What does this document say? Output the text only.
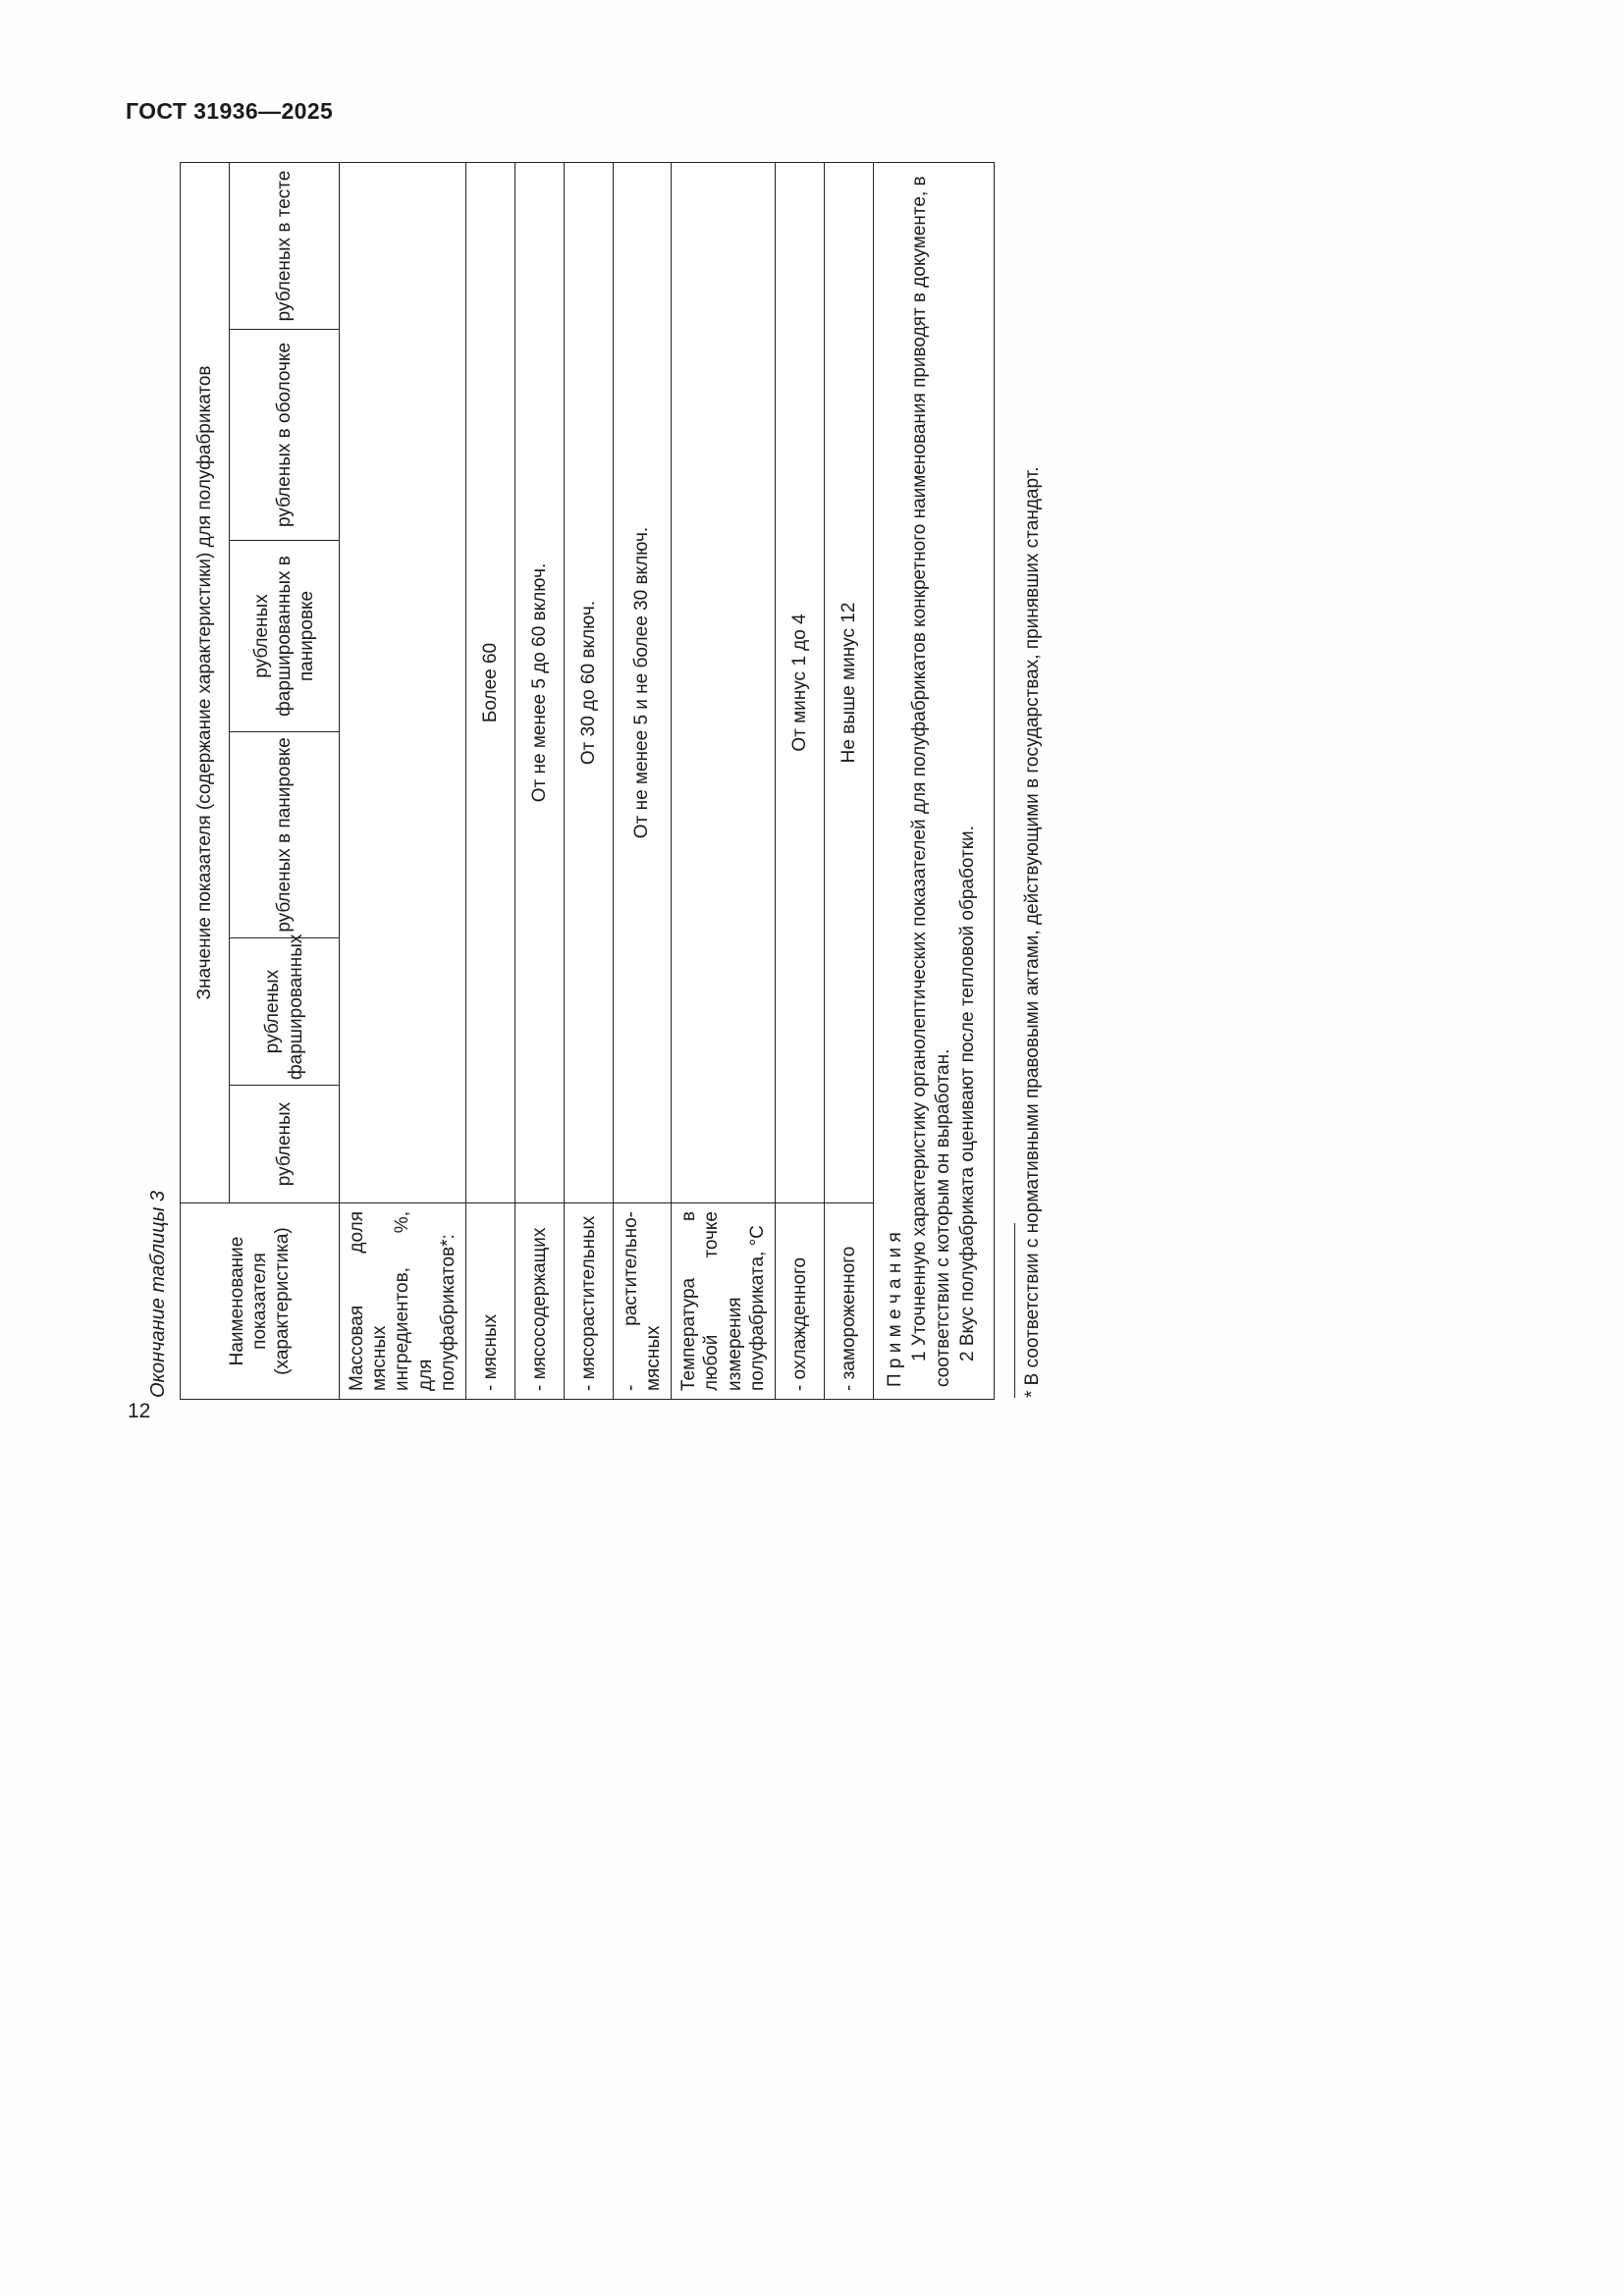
ГОСТ 31936—2025
Окончание таблицы 3	Наименование показателя (характеристика)	Значение показателя (содержание характеристики) для полуфабрикатов					
	рубленых	рубленых фаршированных	рубленых в панировке	рубленых фаршированных в панировке	рубленых в оболочке	рубленых в тесте
Массовая доля мясных ингредиентов, %, для полуфабрикатов*:						
- мясных	Более 60					
- мясосодержащих	От не менее 5 до 60 включ.					
- мясорастительных	От 30 до 60 включ.					
- растительно-мясных	От не менее 5 и не более 30 включ.					
Температура в любой точке измерения полуфабриката, °С						
- охлажденного	От минус 1 до 4					
- замороженного	Не выше минус 12					

П р и м е ч а н и я 1 Уточненную характеристику органолептических показателей для полуфабрикатов конкретного наименования приводят в документе, в соответствии с которым он выработан. 2 Вкус полуфабриката оценивают после тепловой обработки.						* В соответствии с нормативными правовыми актами, действующими в государствах, принявших стандарт.
12
